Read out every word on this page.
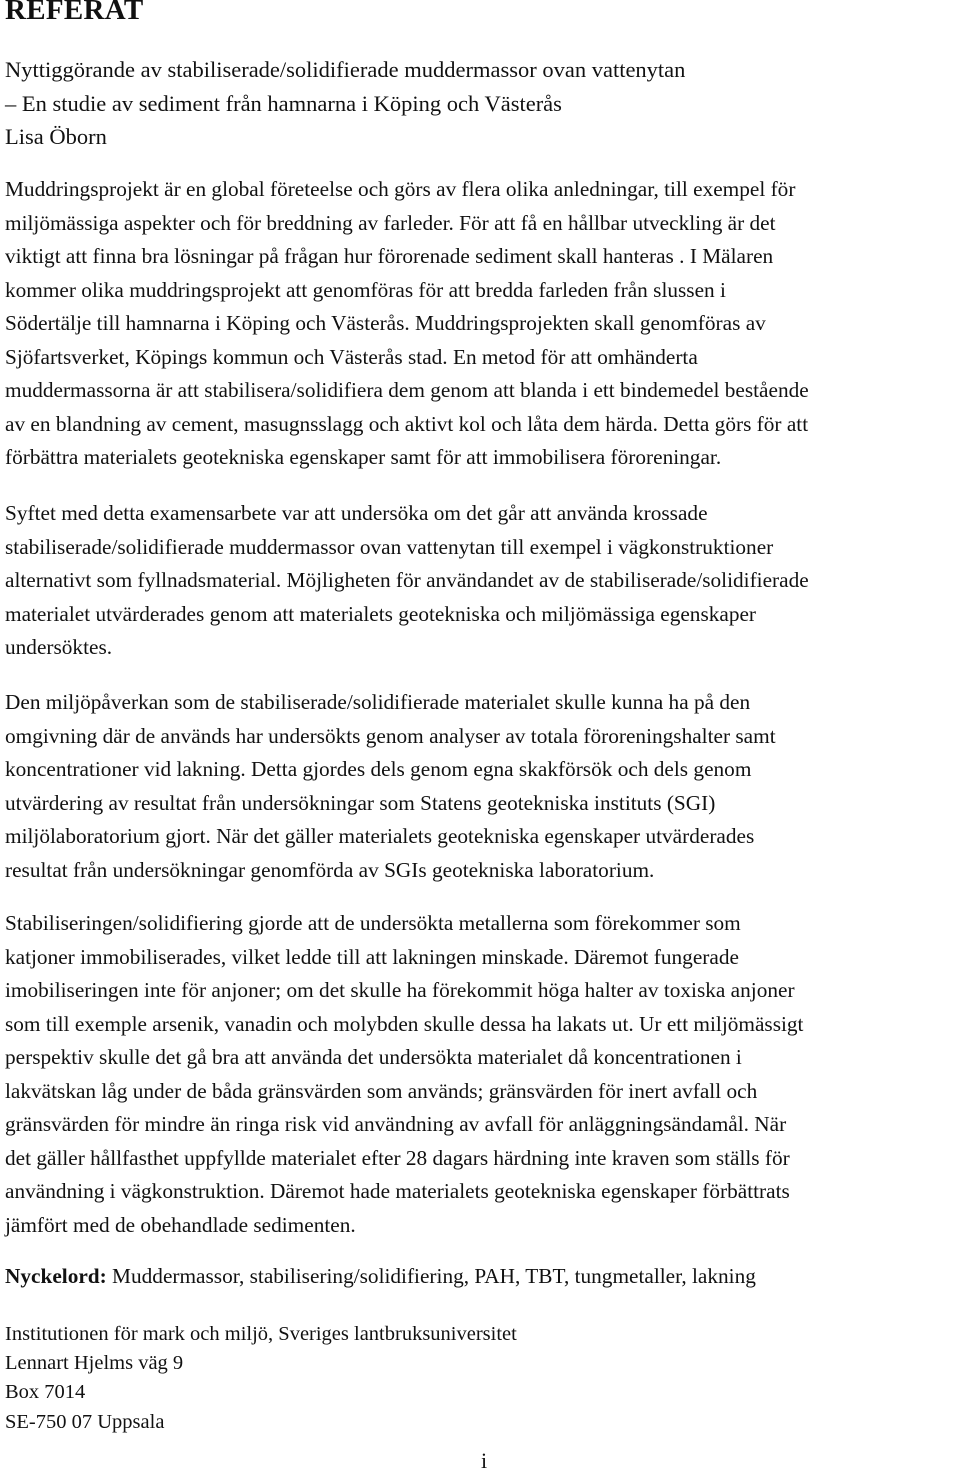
REFERAT

Nyttiggörande av stabiliserade/solidifierade muddermassor ovan vattenytan

– En studie av sediment från hamnarna i Köping och Västerås

Lisa Öborn

Muddringsprojekt är en global företeelse och görs av flera olika anledningar, till exempel för
miljömässiga aspekter och för breddning av farleder. För att få en hållbar utveckling är det
viktigt att finna bra lösningar på frågan hur förorenade sediment skall hanteras . I Mälaren
kommer olika muddringsprojekt att genomföras för att bredda farleden från slussen i
Södertälje till hamnarna i Köping och Västerås. Muddringsprojekten skall genomföras av
Sjöfartsverket, Köpings kommun och Västerås stad. En metod för att omhänderta
muddermassorna är att stabilisera/solidifiera dem genom att blanda i ett bindemedel bestående
av en blandning av cement, masugnsslagg och aktivt kol och låta dem härda. Detta görs för att
förbättra materialets geotekniska egenskaper samt för att immobilisera föroreningar.
Syftet med detta examensarbete var att undersöka om det går att använda krossade
stabiliserade/solidifierade muddermassor ovan vattenytan till exempel i vägkonstruktioner
alternativt som fyllnadsmaterial. Möjligheten för användandet av de stabiliserade/solidifierade
materialet utvärderades genom att materialets geotekniska och miljömässiga egenskaper
undersöktes.
Den miljöpåverkan som de stabiliserade/solidifierade materialet skulle kunna ha på den
omgivning där de används har undersökts genom analyser av totala föroreningshalter samt
koncentrationer vid lakning. Detta gjordes dels genom egna skakförsök och dels genom
utvärdering av resultat från undersökningar som Statens geotekniska instituts (SGI)
miljölaboratorium gjort. När det gäller materialets geotekniska egenskaper utvärderades
resultat från undersökningar genomförda av SGIs geotekniska laboratorium.
Stabiliseringen/solidifiering gjorde att de undersökta metallerna som förekommer som
katjoner immobiliserades, vilket ledde till att lakningen minskade. Däremot fungerade
imobiliseringen inte för anjoner; om det skulle ha förekommit höga halter av toxiska anjoner
som till exemple arsenik, vanadin och molybden skulle dessa ha lakats ut. Ur ett miljömässigt
perspektiv skulle det gå bra att använda det undersökta materialet då koncentrationen i
lakvätskan låg under de båda gränsvärden som används; gränsvärden för inert avfall och
gränsvärden för mindre än ringa risk vid användning av avfall för anläggningsändamål. När
det gäller hållfasthet uppfyllde materialet efter 28 dagars härdning inte kraven som ställs för
användning i vägkonstruktion. Däremot hade materialets geotekniska egenskaper förbättrats
jämfört med de obehandlade sedimenten.

Nyckelord: Muddermassor, stabilisering/solidifiering, PAH, TBT, tungmetaller, lakning

Institutionen för mark och miljö, Sveriges lantbruksuniversitet
Lennart Hjelms väg 9
Box 7014
SE-750 07 Uppsala

i
